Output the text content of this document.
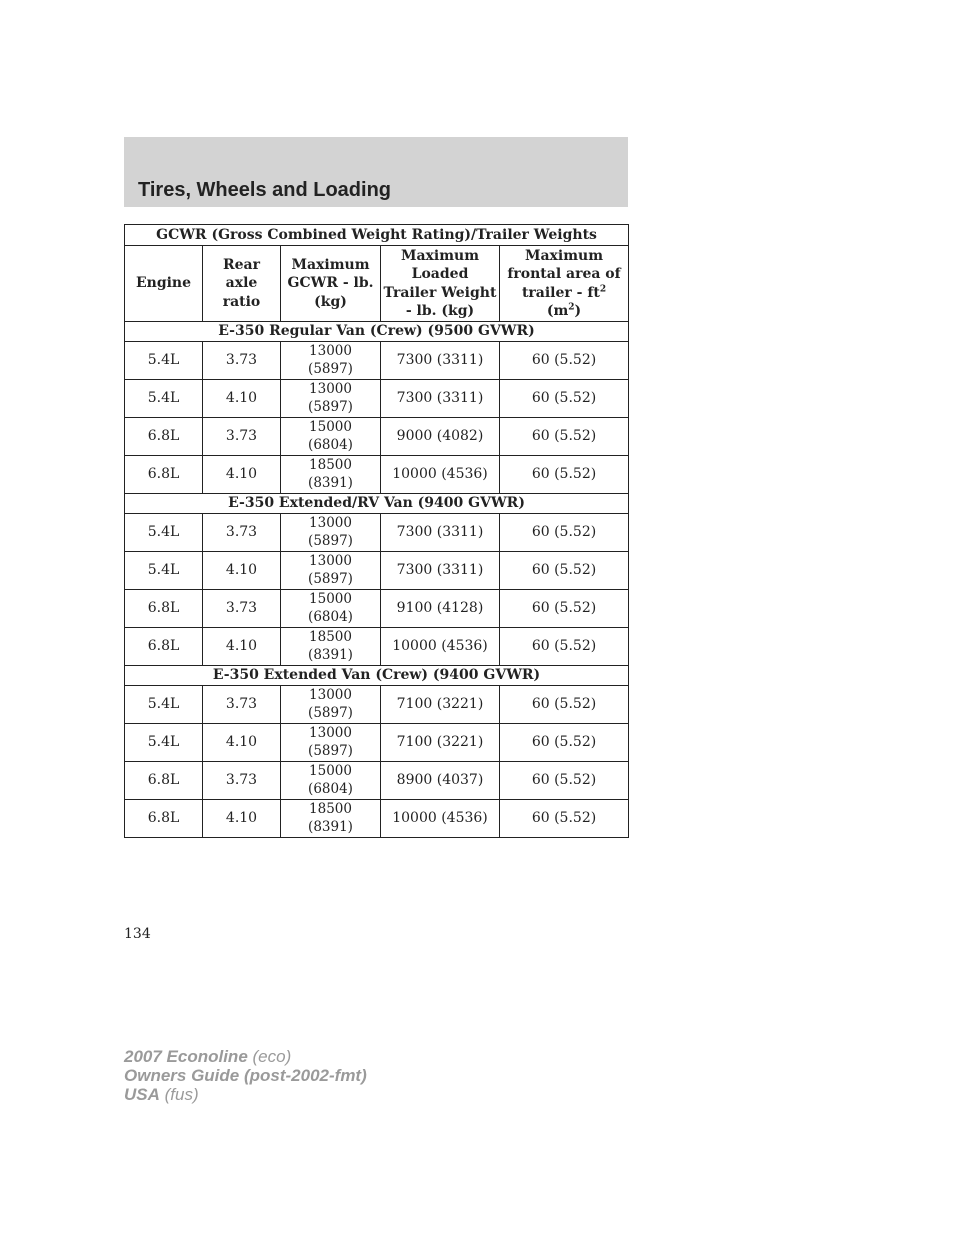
Tires, Wheels and Loading
GCWR (Gross Combined Weight Rating)/Trailer Weights				
Engine	Rear
axle
ratio	Maximum
GCWR - lb.
(kg)	Maximum
Loaded
Trailer Weight
- lb. (kg)	Maximum
frontal area of
trailer - $ft^2$
$(m^2)$
E-350 Regular Van (Crew) (9500 GVWR)				
5.4L	3.73	13000
(5897)	7300 (3311)	60 (5.52)
5.4L	4.10	13000
(5897)	7300 (3311)	60 (5.52)
6.8L	3.73	15000
(6804)	9000 (4082)	60 (5.52)
6.8L	4.10	18500
(8391)	10000 (4536)	60 (5.52)
E-350 Extended/RV Van (9400 GVWR)				
5.4L	3.73	13000
(5897)	7300 (3311)	60 (5.52)
5.4L	4.10	13000
(5897)	7300 (3311)	60 (5.52)
6.8L	3.73	15000
(6804)	9100 (4128)	60 (5.52)
6.8L	4.10	18500
(8391)	10000 (4536)	60 (5.52)
E-350 Extended Van (Crew) (9400 GVWR)				
5.4L	3.73	13000
(5897)	7100 (3221)	60 (5.52)
5.4L	4.10	13000
(5897)	7100 (3221)	60 (5.52)
6.8L	3.73	15000
(6804)	8900 (4037)	60 (5.52)
6.8L	4.10	18500
(8391)	10000 (4536)	60 (5.52)
134
2007 Econoline (eco)
Owners Guide (post-2002-fmt)
USA (fus)
